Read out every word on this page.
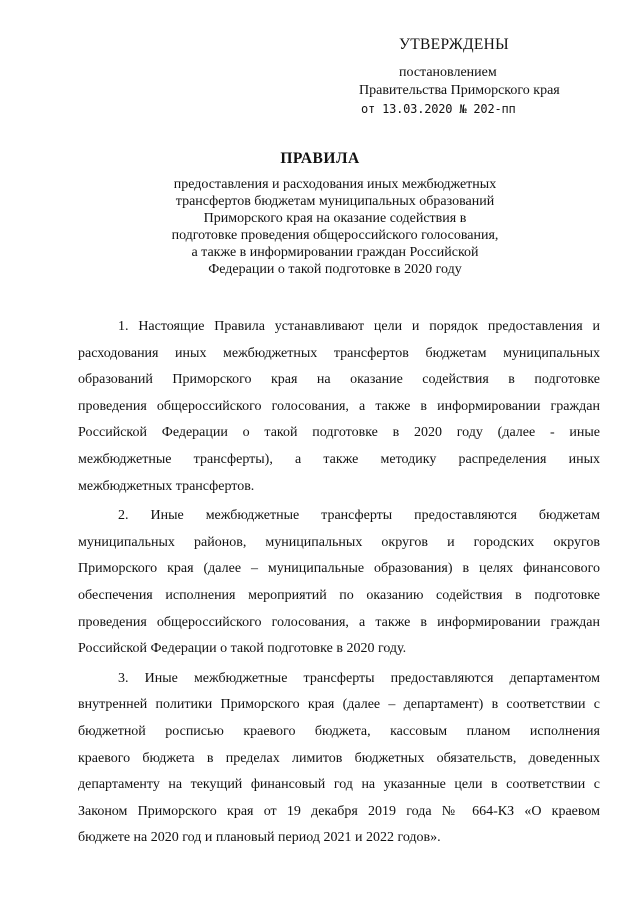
УТВЕРЖДЕНЫ
постановлением
Правительства Приморского края
от 13.03.2020 № 202-пп
ПРАВИЛА
предоставления и расходования иных межбюджетных
трансфертов бюджетам муниципальных образований
Приморского края на оказание содействия в
подготовке проведения общероссийского голосования,
а также в информировании граждан Российской
Федерации о такой подготовке в 2020 году
1. Настоящие Правила устанавливают цели и порядок предоставления и
расходования иных межбюджетных трансфертов бюджетам муниципальных
образований Приморского края на оказание содействия в подготовке
проведения общероссийского голосования, а также в информировании граждан
Российской Федерации о такой подготовке в 2020 году (далее - иные
межбюджетные трансферты), а также методику распределения иных
межбюджетных трансфертов.
2. Иные межбюджетные трансферты предоставляются бюджетам
муниципальных районов, муниципальных округов и городских округов
Приморского края (далее – муниципальные образования) в целях финансового
обеспечения исполнения мероприятий по оказанию содействия в подготовке
проведения общероссийского голосования, а также в информировании граждан
Российской Федерации о такой подготовке в 2020 году.
3. Иные межбюджетные трансферты предоставляются департаментом
внутренней политики Приморского края (далее – департамент) в соответствии с
бюджетной росписью краевого бюджета, кассовым планом исполнения
краевого бюджета в пределах лимитов бюджетных обязательств, доведенных
департаменту на текущий финансовый год на указанные цели в соответствии с
Законом Приморского края от 19 декабря 2019 года № 664-КЗ «О краевом
бюджете на 2020 год и плановый период 2021 и 2022 годов».
